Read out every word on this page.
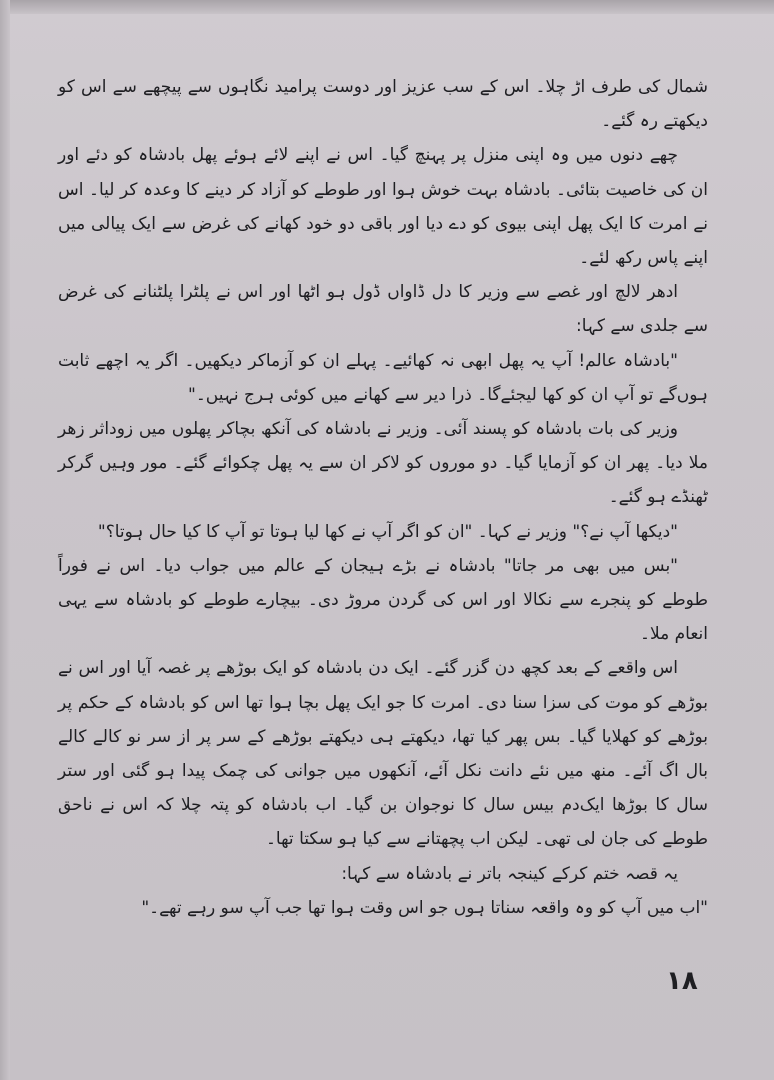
شمال کی طرف اڑ چلا۔ اس کے سب عزیز اور دوست پرامید نگاہوں سے پیچھے سے اس کو دیکھتے رہ گئے۔

چھے دنوں میں وہ اپنی منزل پر پہنچ گیا۔ اس نے اپنے لائے ہوئے پھل بادشاہ کو دئے اور ان کی خاصیت بتائی۔ بادشاہ بہت خوش ہوا اور طوطے کو آزاد کر دینے کا وعدہ کر لیا۔ اس نے امرت کا ایک پھل اپنی بیوی کو دے دیا اور باقی دو خود کھانے کی غرض سے ایک پیالی میں اپنے پاس رکھ لئے۔

ادھر لالچ اور غصے سے وزیر کا دل ڈاواں ڈول ہو اٹھا اور اس نے پلٹرا پلٹنانے کی غرض سے جلدی سے کہا:

"بادشاہ عالم! آپ یہ پھل ابھی نہ کھائیے۔ پہلے ان کو آزماکر دیکھیں۔ اگر یہ اچھے ثابت ہوں‌گے تو آپ ان کو کھا لیجئے‌گا۔ ذرا دیر سے کھانے میں کوئی ہرج نہیں۔"

وزیر کی بات بادشاہ کو پسند آئی۔ وزیر نے بادشاہ کی آنکھ بچاکر پھلوں میں زوداثر زھر ملا دیا۔ پھر ان کو آزمایا گیا۔ دو موروں کو لاکر ان سے یہ پھل چکوائے گئے۔ مور وہیں گرکر ٹھنڈے ہو گئے۔

"دیکھا آپ نے؟" وزیر نے کہا۔ "ان کو اگر آپ نے کھا لیا ہوتا تو آپ کا کیا حال ہوتا؟"

"بس میں بھی مر جاتا" بادشاہ نے بڑے ہیجان کے عالم میں جواب دیا۔ اس نے فوراً طوطے کو پنجرے سے نکالا اور اس کی گردن مروڑ دی۔ بیچارے طوطے کو بادشاہ سے یہی انعام ملا۔

اس واقعے کے بعد کچھ دن گزر گئے۔ ایک دن بادشاہ کو ایک بوڑھے پر غصہ آیا اور اس نے بوڑھے کو موت کی سزا سنا دی۔ امرت کا جو ایک پھل بچا ہوا تھا اس کو بادشاہ کے حکم پر بوڑھے کو کھلایا گیا۔ بس پھر کیا تھا، دیکھتے ہی دیکھتے بوڑھے کے سر پر از سر نو کالے کالے بال اگ آئے۔ منھ میں نئے دانت نکل آئے، آنکھوں میں جوانی کی چمک پیدا ہو گئی اور ستر سال کا بوڑھا ایک‌دم بیس سال کا نوجوان بن گیا۔ اب بادشاہ کو پتہ چلا کہ اس نے ناحق طوطے کی جان لی تھی۔ لیکن اب پچھتانے سے کیا ہو سکتا تھا۔

یہ قصہ ختم کرکے کینجہ باتر نے بادشاہ سے کہا:

"اب میں آپ کو وہ واقعہ سناتا ہوں جو اس وقت ہوا تھا جب آپ سو رہے تھے۔"

۱۸
